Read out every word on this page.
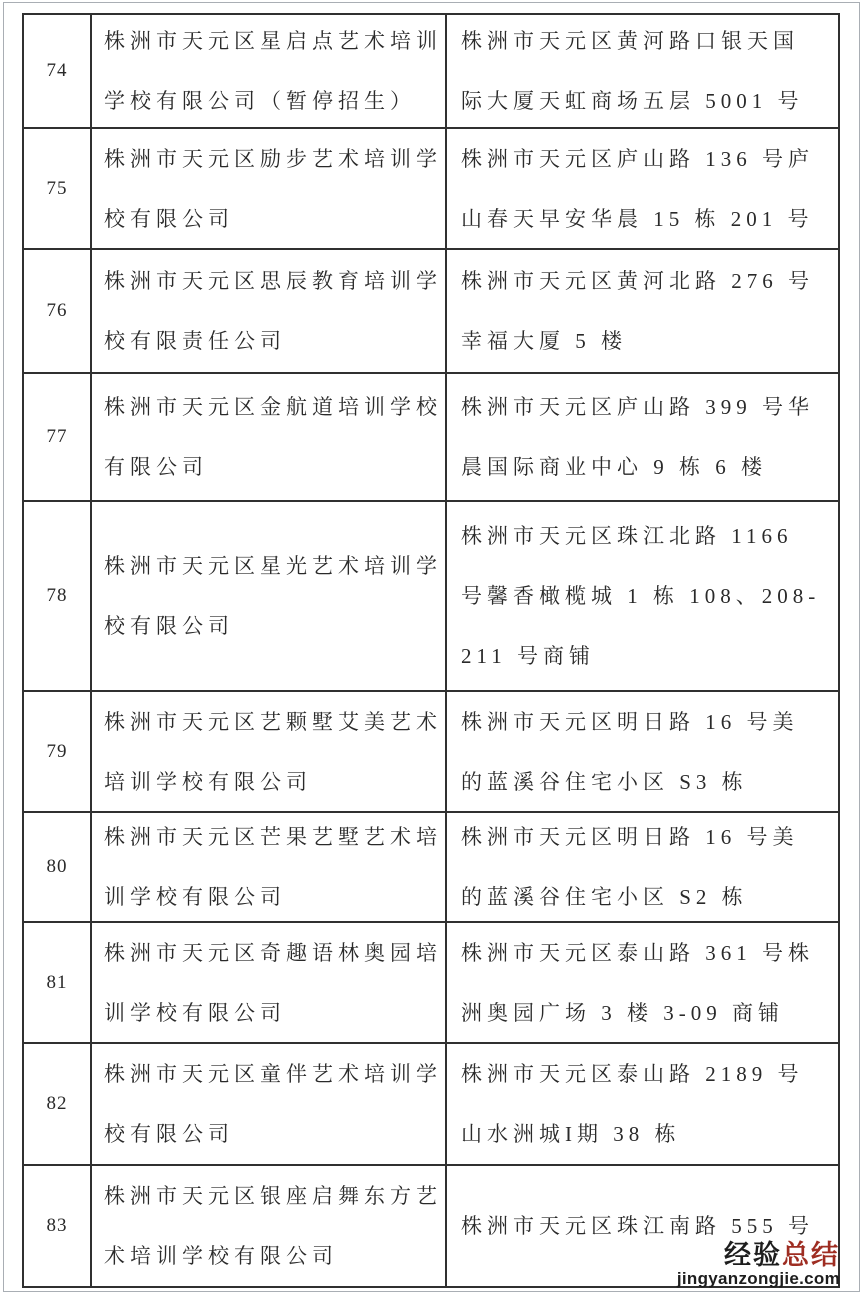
74
株洲市天元区星启点艺术培训学校有限公司（暂停招生）
株洲市天元区黄河路口银天国际大厦天虹商场五层 5001 号
75
株洲市天元区励步艺术培训学校有限公司
株洲市天元区庐山路 136 号庐山春天早安华晨 15 栋 201 号
76
株洲市天元区思辰教育培训学校有限责任公司
株洲市天元区黄河北路 276 号幸福大厦 5 楼
77
株洲市天元区金航道培训学校有限公司
株洲市天元区庐山路 399 号华晨国际商业中心 9 栋 6 楼
78
株洲市天元区星光艺术培训学校有限公司
株洲市天元区珠江北路 1166 号馨香橄榄城 1 栋 108、208-211 号商铺
79
株洲市天元区艺颗墅艾美艺术培训学校有限公司
株洲市天元区明日路 16 号美的蓝溪谷住宅小区 S3 栋
80
株洲市天元区芒果艺墅艺术培训学校有限公司
株洲市天元区明日路 16 号美的蓝溪谷住宅小区 S2 栋
81
株洲市天元区奇趣语林奥园培训学校有限公司
株洲市天元区泰山路 361 号株洲奥园广场 3 楼 3-09 商铺
82
株洲市天元区童伴艺术培训学校有限公司
株洲市天元区泰山路 2189 号山水洲城I期 38 栋
83
株洲市天元区银座启舞东方艺术培训学校有限公司
株洲市天元区珠江南路 555 号
经验总结
jingyanzongjie.com
